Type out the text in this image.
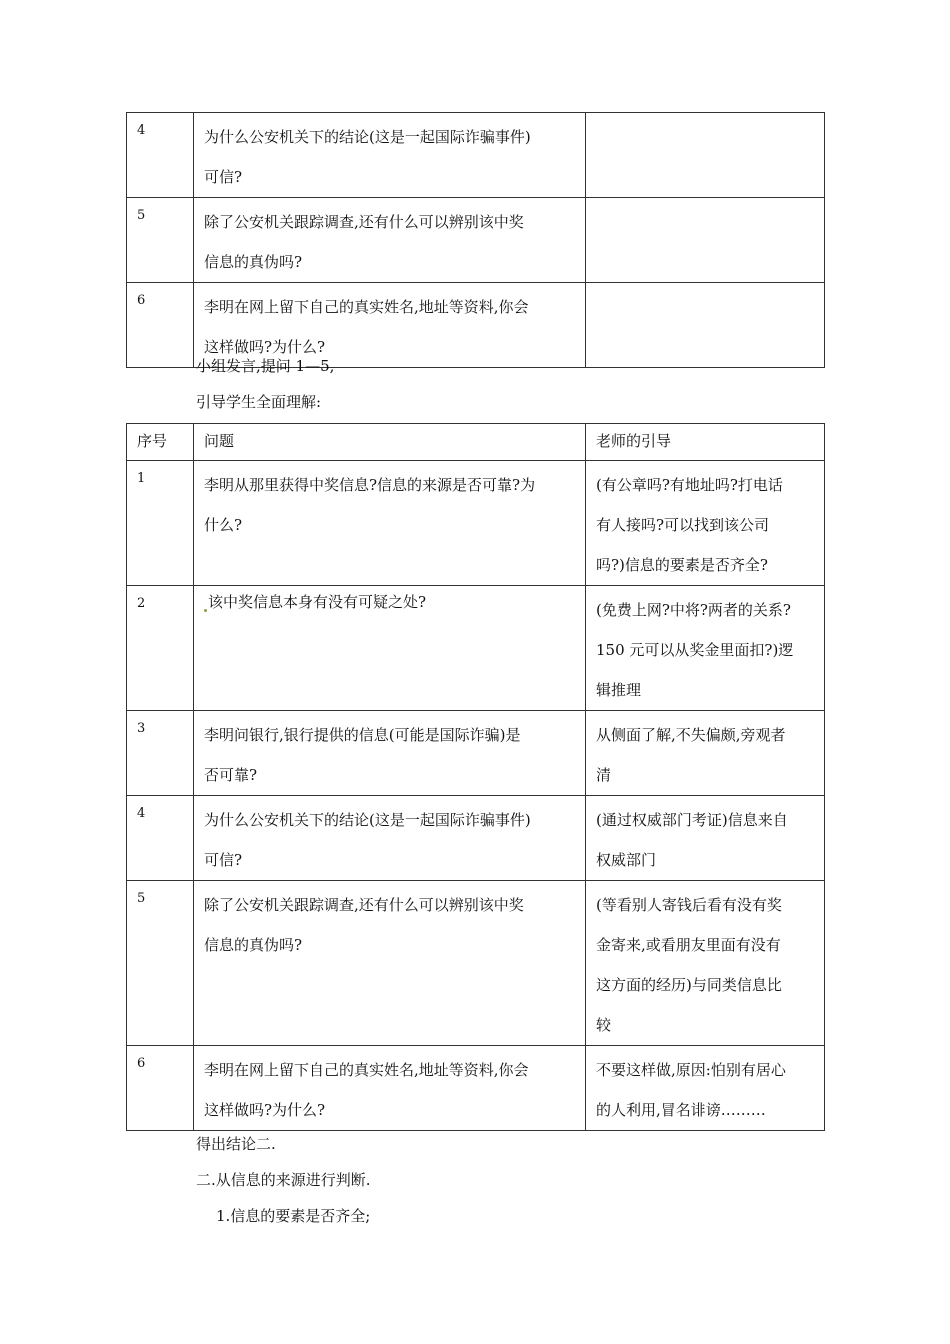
4	为什么公安机关下的结论(这是一起国际诈骗事件)
可信?	
5	除了公安机关跟踪调查,还有什么可以辨别该中奖
信息的真伪吗?	
6	李明在网上留下自己的真实姓名,地址等资料,你会
这样做吗?为什么?	
小组发言,提问 1—5,
引导学生全面理解:
序号	问题	老师的引导
1	李明从那里获得中奖信息?信息的来源是否可靠?为
什么?	(有公章吗?有地址吗?打电话
有人接吗?可以找到该公司
吗?)信息的要素是否齐全?
2	该中奖信息本身有没有可疑之处?	(免费上网?中将?两者的关系?
150 元可以从奖金里面扣?)逻
辑推理
3	李明问银行,银行提供的信息(可能是国际诈骗)是
否可靠?	从侧面了解,不失偏颇,旁观者
清
4	为什么公安机关下的结论(这是一起国际诈骗事件)
可信?	(通过权威部门考证)信息来自
权威部门
5	除了公安机关跟踪调查,还有什么可以辨别该中奖
信息的真伪吗?	(等看别人寄钱后看有没有奖
金寄来,或看朋友里面有没有
这方面的经历)与同类信息比
较
6	李明在网上留下自己的真实姓名,地址等资料,你会
这样做吗?为什么?	不要这样做,原因:怕别有居心
的人利用,冒名诽谤………
得出结论二.
二.从信息的来源进行判断.
1.信息的要素是否齐全;
